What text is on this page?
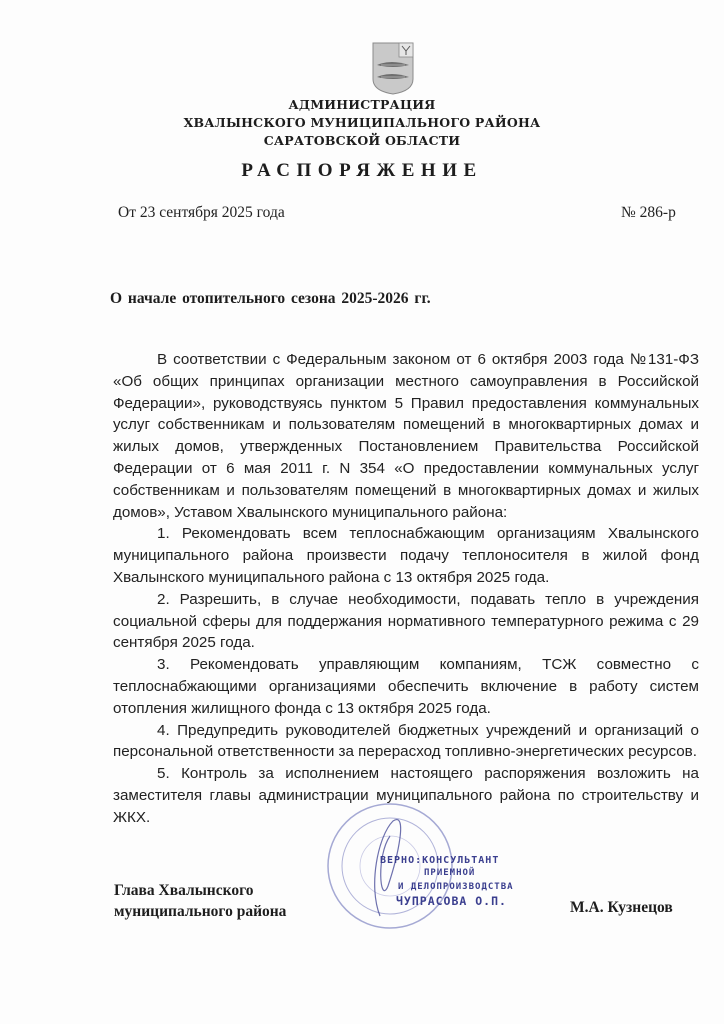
АДМИНИСТРАЦИЯ
ХВАЛЫНСКОГО МУНИЦИПАЛЬНОГО РАЙОНА
САРАТОВСКОЙ ОБЛАСТИ
РАСПОРЯЖЕНИЕ
От 23 сентября 2025 года	№ 286-р
О начале отопительного сезона 2025-2026 гг.

В соответствии с Федеральным законом от 6 октября 2003 года №131-ФЗ «Об общих принципах организации местного самоуправления в Российской Федерации», руководствуясь пунктом 5 Правил предоставления коммунальных услуг собственникам и пользователям помещений в многоквартирных домах и жилых домов, утвержденных Постановлением Правительства Российской Федерации от 6 мая 2011 г. N 354 «О предоставлении коммунальных услуг собственникам и пользователям помещений в многоквартирных домах и жилых домов», Уставом Хвалынского муниципального района:

1. Рекомендовать всем теплоснабжающим организациям Хвалынского муниципального района произвести подачу теплоносителя в жилой фонд Хвалынского муниципального района с 13 октября 2025 года.

2. Разрешить, в случае необходимости, подавать тепло в учреждения социальной сферы для поддержания нормативного температурного режима с 29 сентября 2025 года.

3. Рекомендовать управляющим компаниям, ТСЖ совместно с теплоснабжающими организациями обеспечить включение в работу систем отопления жилищного фонда с 13 октября 2025 года.

4. Предупредить руководителей бюджетных учреждений и организаций о персональной ответственности за перерасход топливно-энергетических ресурсов.

5. Контроль за исполнением настоящего распоряжения возложить на заместителя главы администрации муниципального района по строительству и ЖКХ.

ВЕРНО:КОНСУЛЬТАНТ
ПРИЕМНОЙ
И ДЕЛОПРОИЗВОДСТВА
ЧУПРАСОВА О.П.
Глава Хвалынского
муниципального района	М.А. Кузнецов
